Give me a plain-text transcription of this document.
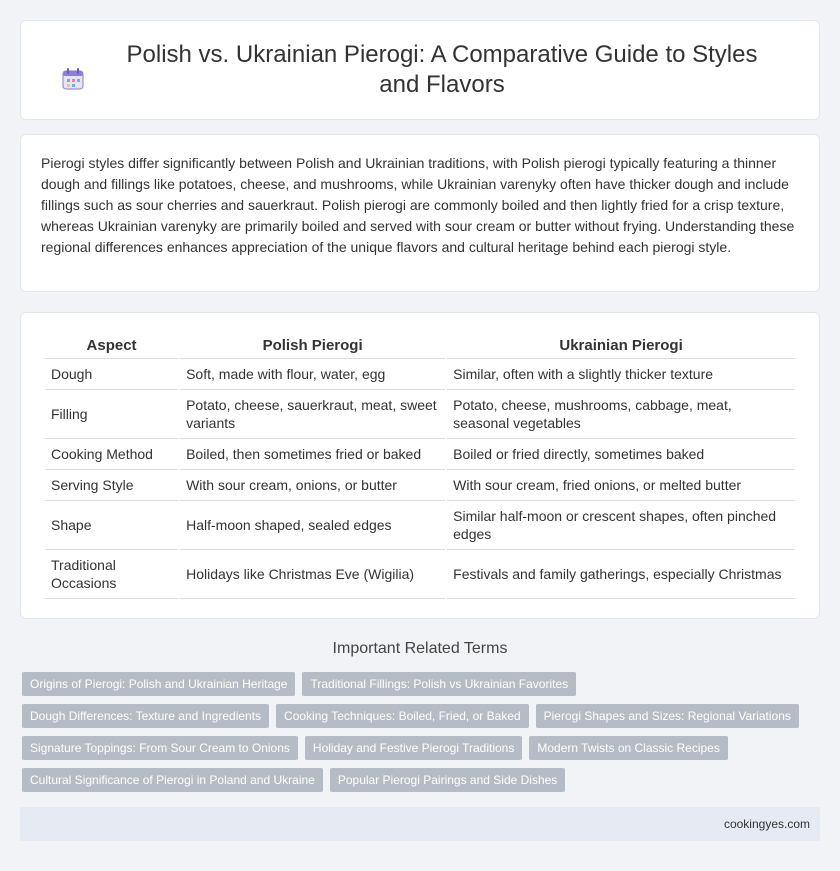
Polish vs. Ukrainian Pierogi: A Comparative Guide to Styles and Flavors

Pierogi styles differ significantly between Polish and Ukrainian traditions, with Polish pierogi typically featuring a thinner dough and fillings like potatoes, cheese, and mushrooms, while Ukrainian varenyky often have thicker dough and include fillings such as sour cherries and sauerkraut. Polish pierogi are commonly boiled and then lightly fried for a crisp texture, whereas Ukrainian varenyky are primarily boiled and served with sour cream or butter without frying. Understanding these regional differences enhances appreciation of the unique flavors and cultural heritage behind each pierogi style.

Aspect	Polish Pierogi	Ukrainian Pierogi
Dough	Soft, made with flour, water, egg	Similar, often with a slightly thicker texture
Filling	Potato, cheese, sauerkraut, meat, sweet variants	Potato, cheese, mushrooms, cabbage, meat, seasonal vegetables
Cooking Method	Boiled, then sometimes fried or baked	Boiled or fried directly, sometimes baked
Serving Style	With sour cream, onions, or butter	With sour cream, fried onions, or melted butter
Shape	Half-moon shaped, sealed edges	Similar half-moon or crescent shapes, often pinched edges
Traditional Occasions	Holidays like Christmas Eve (Wigilia)	Festivals and family gatherings, especially Christmas
Important Related Terms
Origins of Pierogi: Polish and Ukrainian Heritage	Traditional Fillings: Polish vs Ukrainian Favorites
Dough Differences: Texture and Ingredients	Cooking Techniques: Boiled, Fried, or Baked	Pierogi Shapes and Sizes: Regional Variations
Signature Toppings: From Sour Cream to Onions	Holiday and Festive Pierogi Traditions	Modern Twists on Classic Recipes
Cultural Significance of Pierogi in Poland and Ukraine	Popular Pierogi Pairings and Side Dishes
cookingyes.com
